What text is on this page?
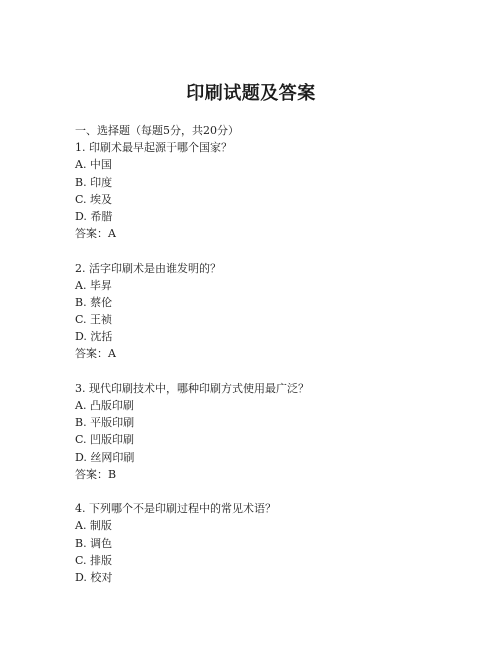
印刷试题及答案
一、选择题（每题5分，共20分）
1. 印刷术最早起源于哪个国家？
A. 中国
B. 印度
C. 埃及
D. 希腊
答案：A
2. 活字印刷术是由谁发明的？
A. 毕昇
B. 蔡伦
C. 王祯
D. 沈括
答案：A
3. 现代印刷技术中，哪种印刷方式使用最广泛？
A. 凸版印刷
B. 平版印刷
C. 凹版印刷
D. 丝网印刷
答案：B
4. 下列哪个不是印刷过程中的常见术语？
A. 制版
B. 调色
C. 排版
D. 校对
